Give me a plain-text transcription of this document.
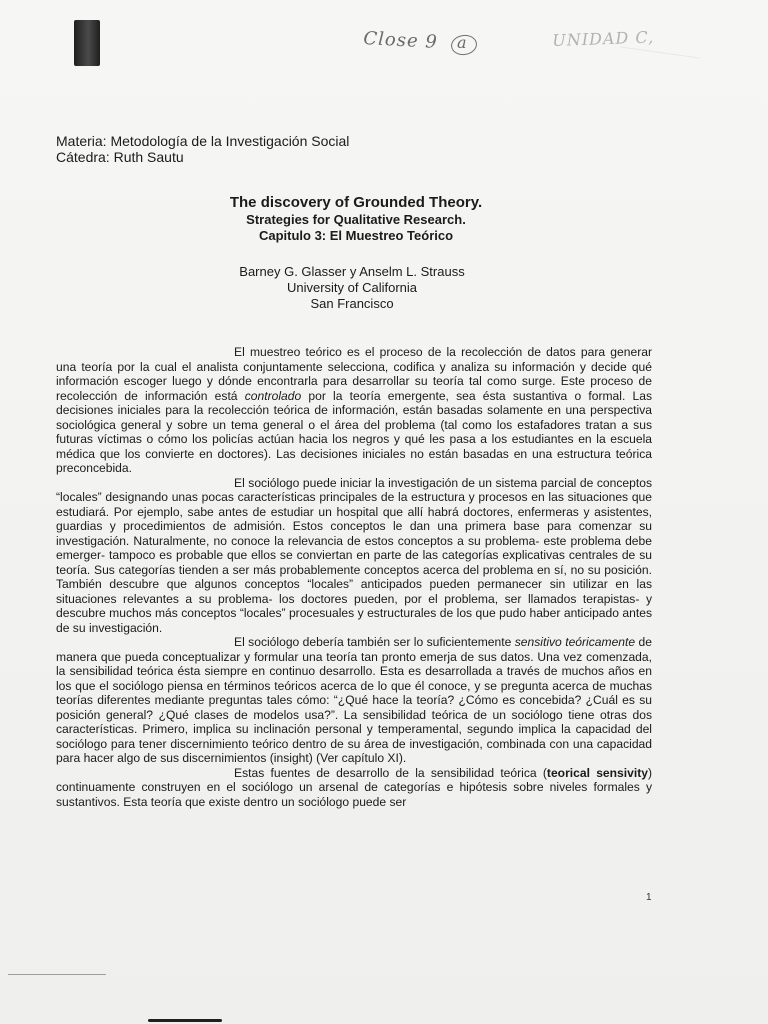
Close 9 a	UNIDAD C,
Materia: Metodología de la Investigación Social
Cátedra: Ruth Sautu
The discovery of Grounded Theory.
Strategies for Qualitative Research.
Capitulo 3: El Muestreo Teórico
Barney G. Glasser y Anselm L. Strauss
University of California
San Francisco

El muestreo teórico es el proceso de la recolección de datos para generar una teoría por la cual el analista conjuntamente selecciona, codifica y analiza su información y decide qué información escoger luego y dónde encontrarla para desarrollar su teoría tal como surge. Este proceso de recolección de información está controlado por la teoría emergente, sea ésta sustantiva o formal. Las decisiones iniciales para la recolección teórica de información, están basadas solamente en una perspectiva sociológica general y sobre un tema general o el área del problema (tal como los estafadores tratan a sus futuras víctimas o cómo los policías actúan hacia los negros y qué les pasa a los estudiantes en la escuela médica que los convierte en doctores). Las decisiones iniciales no están basadas en una estructura teórica preconcebida.

El sociólogo puede iniciar la investigación de un sistema parcial de conceptos “locales” designando unas pocas características principales de la estructura y procesos en las situaciones que estudiará. Por ejemplo, sabe antes de estudiar un hospital que allí habrá doctores, enfermeras y asistentes, guardias y procedimientos de admisión. Estos conceptos le dan una primera base para comenzar su investigación. Naturalmente, no conoce la relevancia de estos conceptos a su problema- este problema debe emerger- tampoco es probable que ellos se conviertan en parte de las categorías explicativas centrales de su teoría. Sus categorías tienden a ser más probablemente conceptos acerca del problema en sí, no su posición. También descubre que algunos conceptos “locales” anticipados pueden permanecer sin utilizar en las situaciones relevantes a su problema- los doctores pueden, por el problema, ser llamados terapistas- y descubre muchos más conceptos “locales” procesuales y estructurales de los que pudo haber anticipado antes de su investigación.

El sociólogo debería también ser lo suficientemente sensitivo teóricamente de manera que pueda conceptualizar y formular una teoría tan pronto emerja de sus datos. Una vez comenzada, la sensibilidad teórica ésta siempre en continuo desarrollo. Esta es desarrollada a través de muchos años en los que el sociólogo piensa en términos teóricos acerca de lo que él conoce, y se pregunta acerca de muchas teorías diferentes mediante preguntas tales cómo: “¿Qué hace la teoría? ¿Cómo es concebida? ¿Cuál es su posición general? ¿Qué clases de modelos usa?”. La sensibilidad teórica de un sociólogo tiene otras dos características. Primero, implica su inclinación personal y temperamental, segundo implica la capacidad del sociólogo para tener discernimiento teórico dentro de su área de investigación, combinada con una capacidad para hacer algo de sus discernimientos (insight) (Ver capítulo XI).

Estas fuentes de desarrollo de la sensibilidad teórica (teorical sensivity) continuamente construyen en el sociólogo un arsenal de categorías e hipótesis sobre niveles formales y sustantivos. Esta teoría que existe dentro un sociólogo puede ser

1
